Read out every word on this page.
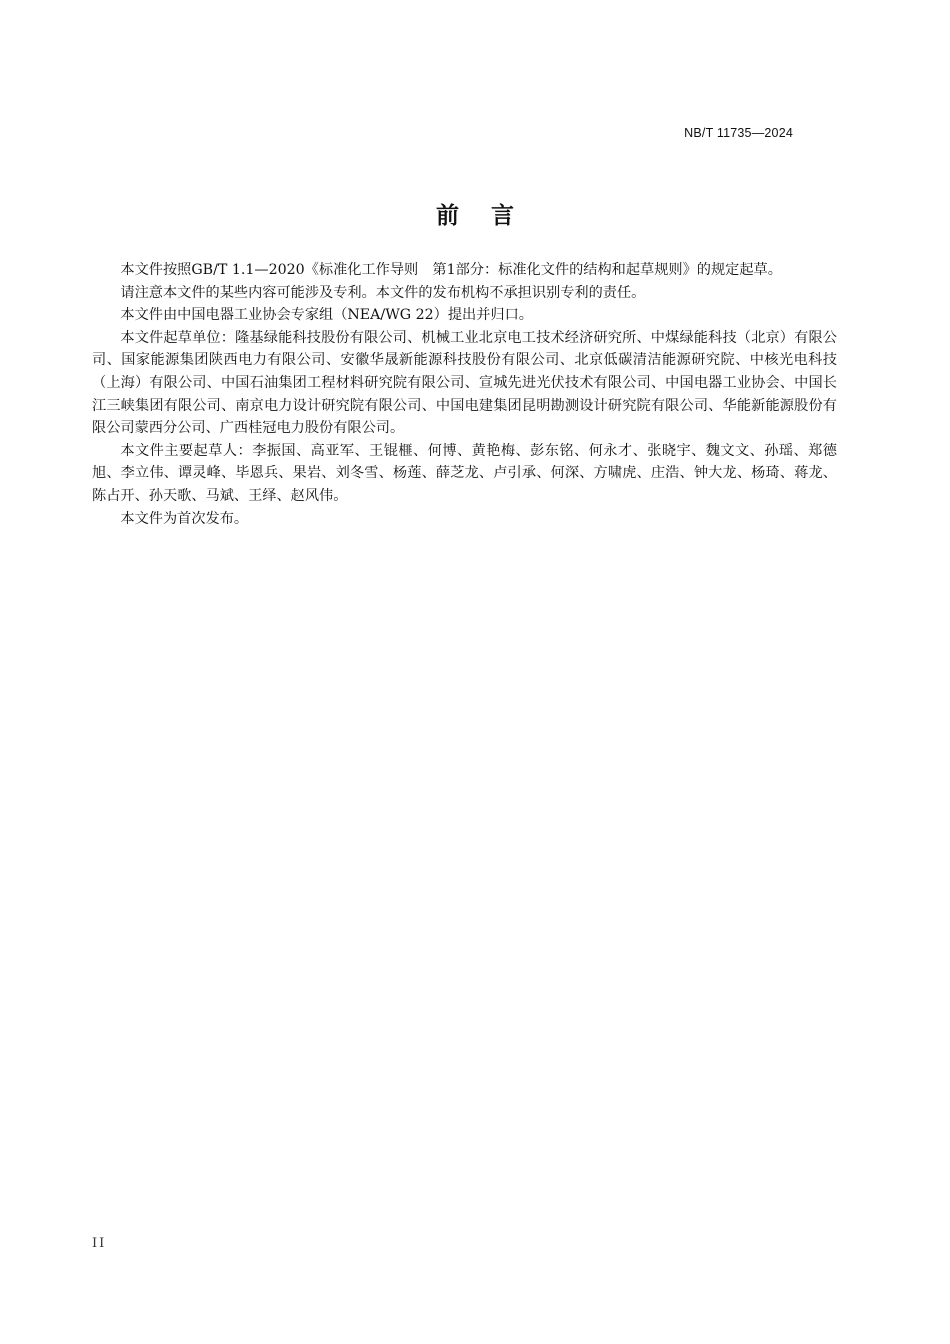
NB/T 11735—2024
前言

本文件按照GB/T 1.1—2020《标准化工作导则　第1部分：标准化文件的结构和起草规则》的规定起草。

请注意本文件的某些内容可能涉及专利。本文件的发布机构不承担识别专利的责任。

本文件由中国电器工业协会专家组（NEA/WG 22）提出并归口。

本文件起草单位：隆基绿能科技股份有限公司、机械工业北京电工技术经济研究所、中煤绿能科技（北京）有限公司、国家能源集团陕西电力有限公司、安徽华晟新能源科技股份有限公司、北京低碳清洁能源研究院、中核光电科技（上海）有限公司、中国石油集团工程材料研究院有限公司、宣城先进光伏技术有限公司、中国电器工业协会、中国长江三峡集团有限公司、南京电力设计研究院有限公司、中国电建集团昆明勘测设计研究院有限公司、华能新能源股份有限公司蒙西分公司、广西桂冠电力股份有限公司。

本文件主要起草人：李振国、高亚军、王锟榧、何博、黄艳梅、彭东铭、何永才、张晓宇、魏文文、孙瑶、郑德旭、李立伟、谭灵峰、毕恩兵、果岩、刘冬雪、杨莲、薛芝龙、卢引承、何深、方啸虎、庄浩、钟大龙、杨琦、蒋龙、陈占开、孙天歌、马斌、王绎、赵风伟。

本文件为首次发布。

II
